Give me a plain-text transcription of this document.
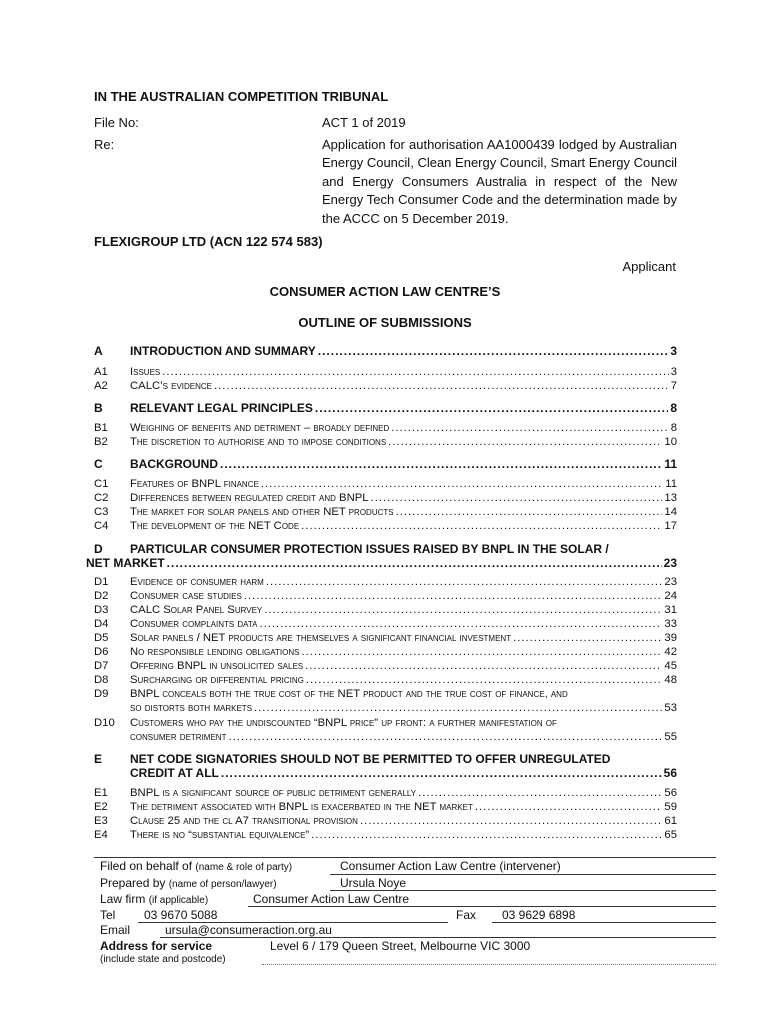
IN THE AUSTRALIAN COMPETITION TRIBUNAL
File No:	ACT 1 of 2019
Re:	Application for authorisation AA1000439 lodged by Australian Energy Council, Clean Energy Council, Smart Energy Council and Energy Consumers Australia in respect of the New Energy Tech Consumer Code and the determination made by the ACCC on 5 December 2019.
FLEXIGROUP LTD (ACN 122 574 583)
Applicant
CONSUMER ACTION LAW CENTRE’S
OUTLINE OF SUBMISSIONS
A	INTRODUCTION AND SUMMARY .....	3
A1	Issues .....	3
A2	CALC’s evidence .....	7
B	RELEVANT LEGAL PRINCIPLES .....	8
B1	Weighing of benefits and detriment – broadly defined .....	8
B2	The discretion to authorise and to impose conditions .....	10
C	BACKGROUND .....	11
C1	Features of BNPL finance .....	11
C2	Differences between regulated credit and BNPL .....	13
C3	The market for solar panels and other NET products .....	14
C4	The development of the NET Code .....	17
D	PARTICULAR CONSUMER PROTECTION ISSUES RAISED BY BNPL IN THE SOLAR /
NET MARKET .....	23
D1	Evidence of consumer harm .....	23
D2	Consumer case studies .....	24
D3	CALC Solar Panel Survey .....	31
D4	Consumer complaints data .....	33
D5	Solar panels / NET products are themselves a significant financial investment .....	39
D6	No responsible lending obligations .....	42
D7	Offering BNPL in unsolicited sales .....	45
D8	Surcharging or differential pricing .....	48
D9	BNPL conceals both the true cost of the NET product and the true cost of finance, and
so distorts both markets .....	53
D10	Customers who pay the undiscounted “BNPL price” up front: a further manifestation of
consumer detriment .....	55
E	NET CODE SIGNATORIES SHOULD NOT BE PERMITTED TO OFFER UNREGULATED
CREDIT AT ALL .....	56
E1	BNPL is a significant source of public detriment generally .....	56
E2	The detriment associated with BNPL is exacerbated in the NET market .....	59
E3	Clause 25 and the cl A7 transitional provision .....	61
E4	There is no “substantial equivalence” .....	65
Filed on behalf of (name & role of party)	Consumer Action Law Centre (intervener)
Prepared by (name of person/lawyer)	Ursula Noye
Law firm (if applicable)	Consumer Action Law Centre
Tel 03 9670 5088	Fax 03 9629 6898
Email	ursula@consumeraction.org.au
Address for service
(include state and postcode)
Level 6 / 179 Queen Street, Melbourne VIC 3000
